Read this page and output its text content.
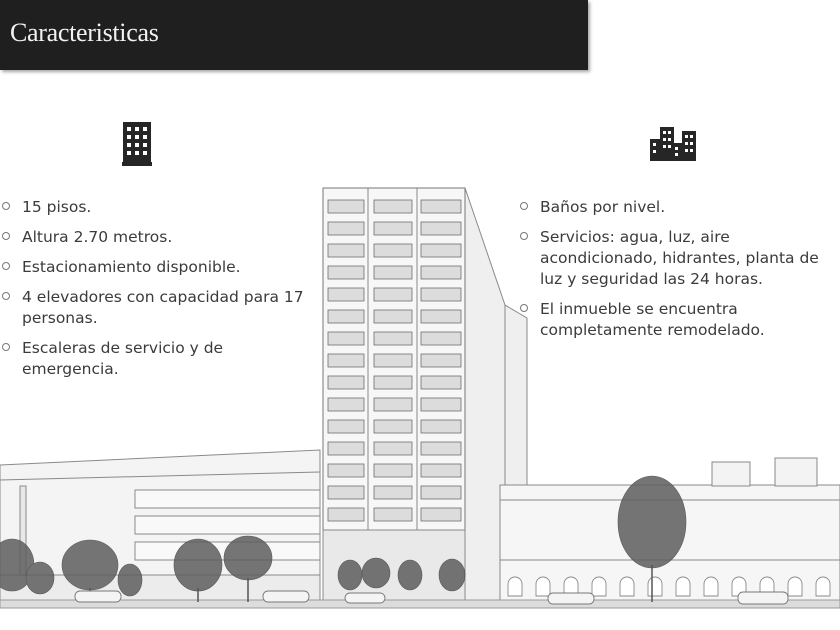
Caracteristicas
15 pisos.
Altura 2.70 metros.
Estacionamiento disponible.
4 elevadores con capacidad para 17 personas.
Escaleras de servicio y de emergencia.
Baños por nivel.
Servicios: agua, luz, aire acondicionado, hidrantes, planta de luz y seguridad las 24 horas.
El inmueble se encuentra completamente remodelado.
